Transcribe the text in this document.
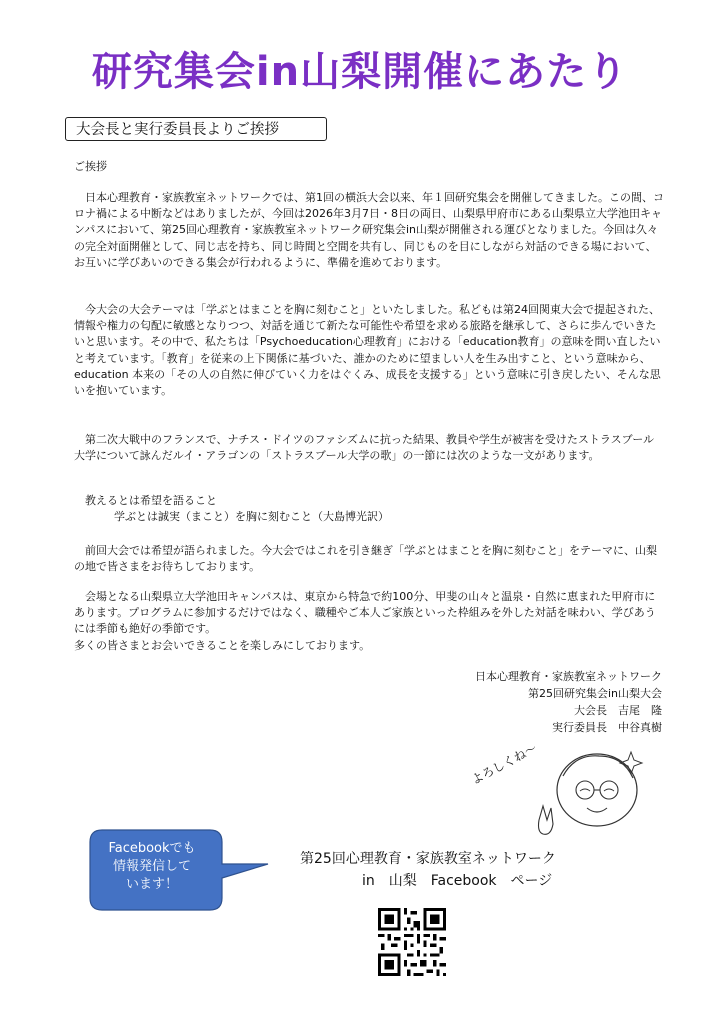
研究集会in山梨開催にあたり
大会長と実行委員長よりご挨拶
ご挨拶

　日本心理教育・家族教室ネットワークでは、第1回の横浜大会以来、年１回研究集会を開催してきました。この間、コロナ禍による中断などはありましたが、今回は2026年3月7日・8日の両日、山梨県甲府市にある山梨県立大学池田キャンパスにおいて、第25回心理教育・家族教室ネットワーク研究集会in山梨が開催される運びとなりました。今回は久々の完全対面開催として、同じ志を持ち、同じ時間と空間を共有し、同じものを目にしながら対話のできる場において、お互いに学びあいのできる集会が行われるように、準備を進めております。

　今大会の大会テーマは「学ぶとはまことを胸に刻むこと」といたしました。私どもは第24回関東大会で提起された、情報や権力の匂配に敏感となりつつ、対話を通じて新たな可能性や希望を求める旅路を継承して、さらに歩んでいきたいと思います。その中で、私たちは「Psychoeducation心理教育」における「education教育」の意味を問い直したいと考えています。「教育」を従来の上下関係に基づいた、誰かのために望ましい人を生み出すこと、という意味から、education 本来の「その人の自然に伸びていく力をはぐくみ、成長を支援する」という意味に引き戻したい、そんな思いを抱いています。

　第二次大戦中のフランスで、ナチス・ドイツのファシズムに抗った結果、教員や学生が被害を受けたストラスブール大学について詠んだルイ・アラゴンの「ストラスブール大学の歌」の一節には次のような一文があります。

　教えるとは希望を語ること

学ぶとは誠実（まこと）を胸に刻むこと（大島博光訳）

　前回大会では希望が語られました。今大会ではこれを引き継ぎ「学ぶとはまことを胸に刻むこと」をテーマに、山梨の地で皆さまをお待ちしております。

　会場となる山梨県立大学池田キャンパスは、東京から特急で約100分、甲斐の山々と温泉・自然に恵まれた甲府市にあります。プログラムに参加するだけではなく、職種やご本人ご家族といった枠組みを外した対話を味わい、学びあうには季節も絶好の季節です。

多くの皆さまとお会いできることを楽しみにしております。

日本心理教育・家族教室ネットワーク
第25回研究集会in山梨大会
大会長　吉尾　隆
実行委員長　中谷真樹
よろしくね～
Facebookでも
情報発信して
います！
第25回心理教育・家族教室ネットワーク
in　山梨　Facebook　ページ
